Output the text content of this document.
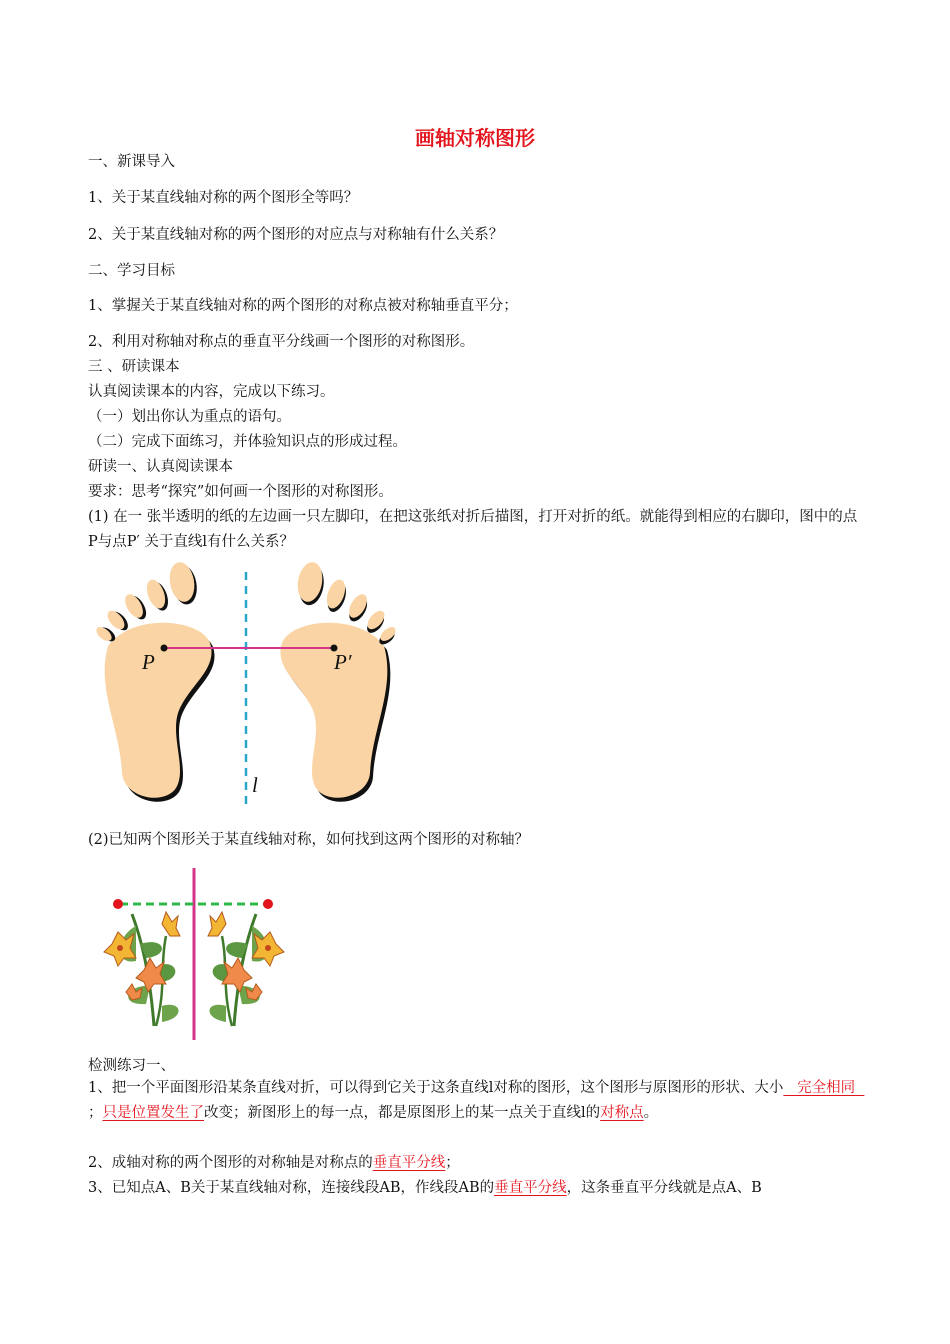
画轴对称图形
一、新课导入
1、关于某直线轴对称的两个图形全等吗？
2、关于某直线轴对称的两个图形的对应点与对称轴有什么关系？
二、学习目标
1、掌握关于某直线轴对称的两个图形的对称点被对称轴垂直平分；
2、利用对称轴对称点的垂直平分线画一个图形的对称图形。
三 、研读课本
认真阅读课本的内容，完成以下练习。
（一）划出你认为重点的语句。
（二）完成下面练习，并体验知识点的形成过程。
研读一、认真阅读课本
要求：思考“探究”如何画一个图形的对称图形。
(1) 在一 张半透明的纸的左边画一只左脚印，在把这张纸对折后描图，打开对折的纸。就能得到相应的右脚印，图中的点P与点P′ 关于直线l有什么关系？
P	P′
l
(2)已知两个图形关于某直线轴对称，如何找到这两个图形的对称轴？
检测练习一、
1、把一个平面图形沿某条直线对折，可以得到它关于这条直线l对称的图形，这个图形与原图形的形状、大小   完全相同   ；只是位置发生了改变；新图形上的每一点，都是原图形上的某一点关于直线l的对称点。
2、成轴对称的两个图形的对称轴是对称点的垂直平分线；
3、已知点A、B关于某直线轴对称，连接线段AB，作线段AB的垂直平分线，这条垂直平分线就是点A、B
